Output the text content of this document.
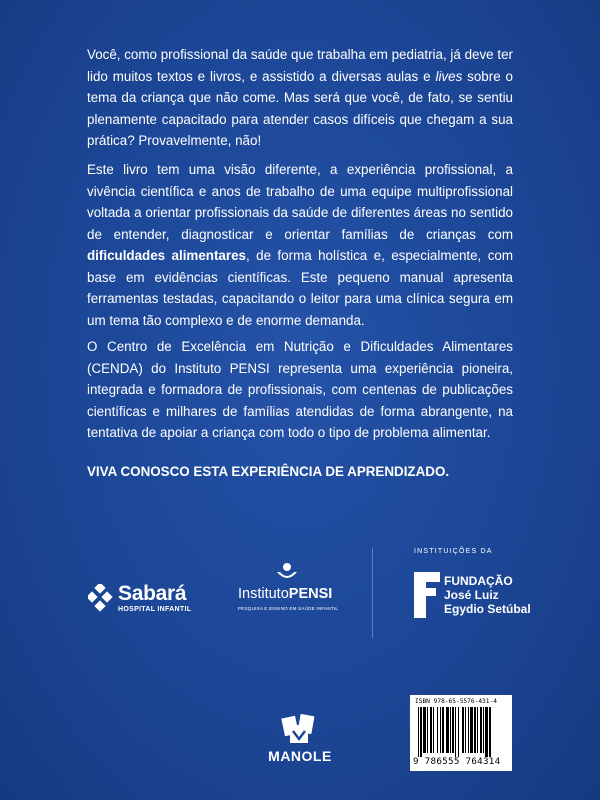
Você, como profissional da saúde que trabalha em pediatria, já deve ter lido muitos textos e livros, e assistido a diversas aulas e lives sobre o tema da criança que não come. Mas será que você, de fato, se sentiu plenamente capacitado para atender casos difíceis que chegam a sua prática? Provavelmente, não!

Este livro tem uma visão diferente, a experiência profissional, a vivência científica e anos de trabalho de uma equipe multiprofissional voltada a orientar profissionais da saúde de diferentes áreas no sentido de entender, diagnosticar e orientar famílias de crianças com dificuldades alimentares, de forma holística e, especialmente, com base em evidências científicas. Este pequeno manual apresenta ferramentas testadas, capacitando o leitor para uma clínica segura em um tema tão complexo e de enorme demanda.

O Centro de Excelência em Nutrição e Dificuldades Alimentares (CENDA) do Instituto PENSI representa uma experiência pioneira, integrada e formadora de profissionais, com centenas de publicações científicas e milhares de famílias atendidas de forma abrangente, na tentativa de apoiar a criança com todo o tipo de problema alimentar.

VIVA CONOSCO ESTA EXPERIÊNCIA DE APRENDIZADO.

Sabará
HOSPITAL INFANTIL
InstitutoPENSI
PESQUISA E ENSINO EM SAÚDE INFANTIL
INSTITUIÇÕES DA
FUNDAÇÃO
José Luiz
Egydio Setúbal
MANOLE
ISBN 978-65-5576-431-4
9 786555 764314
